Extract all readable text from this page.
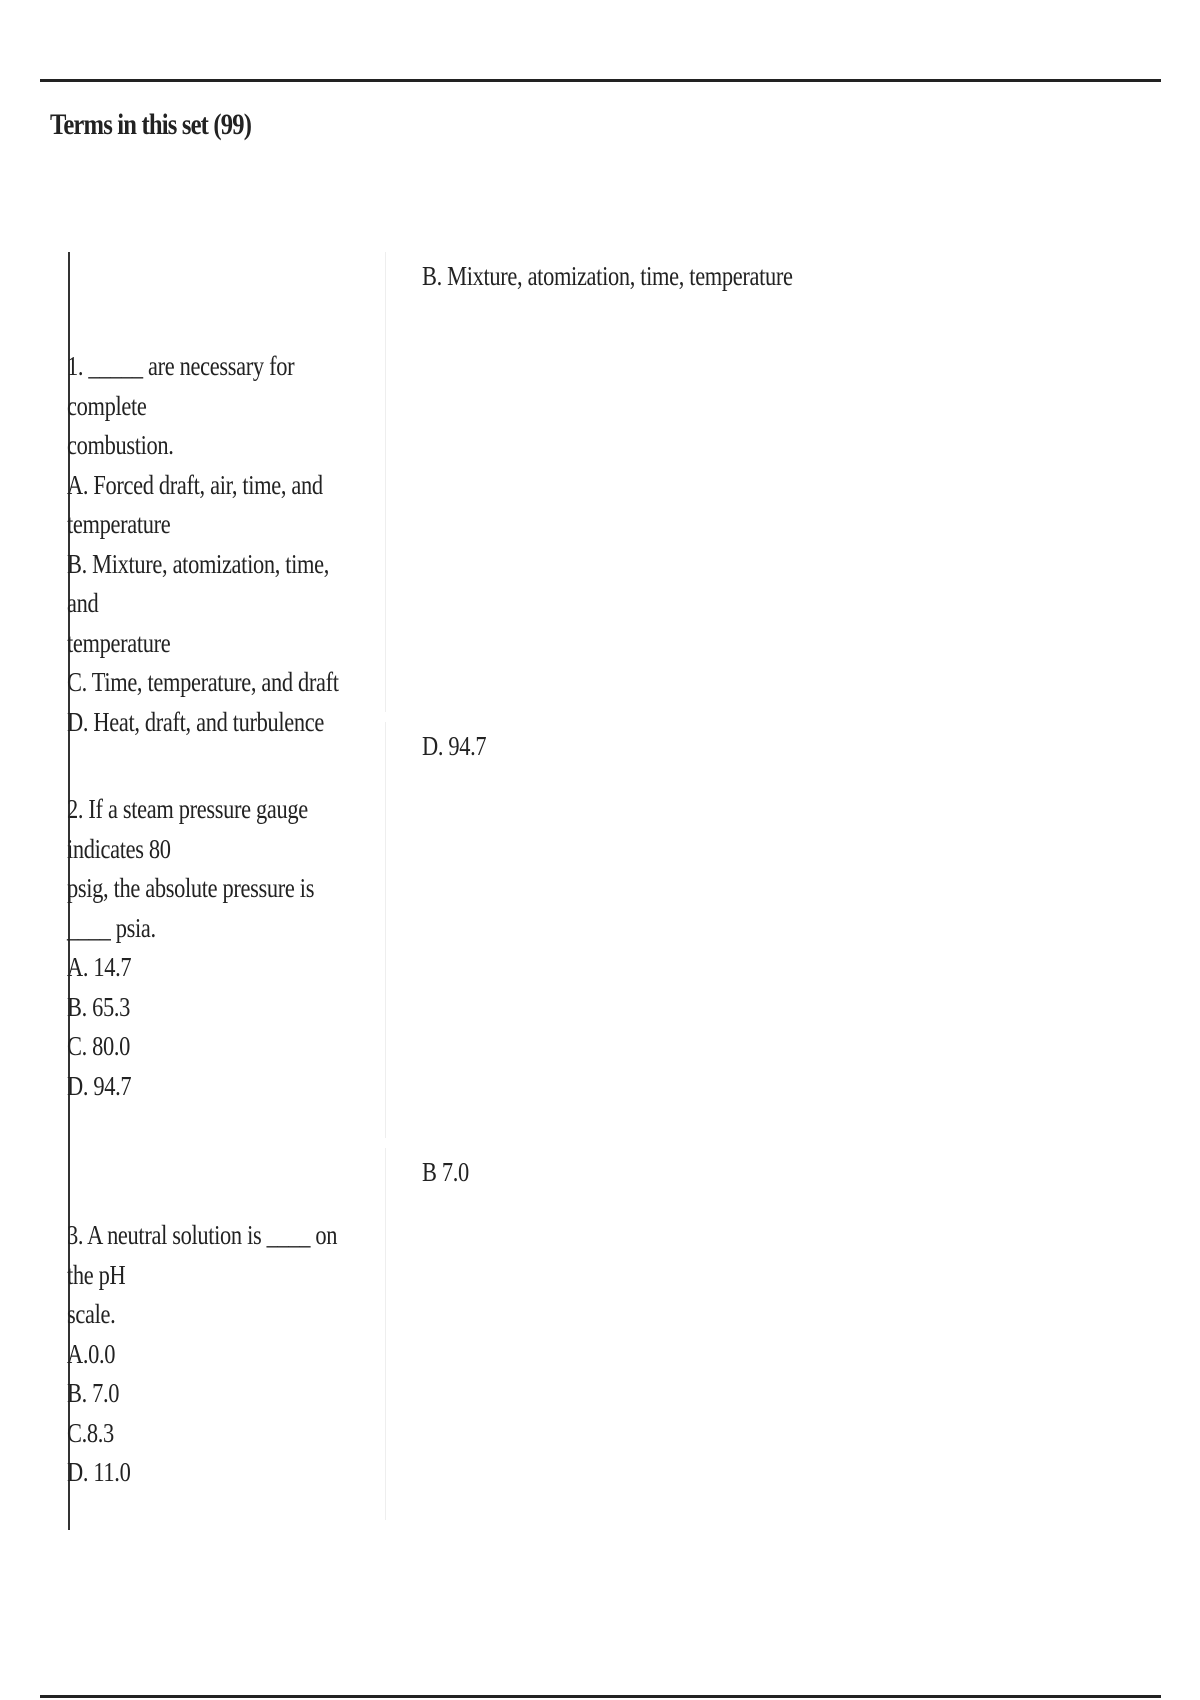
Terms in this set (99)
1. _____ are necessary for complete
combustion.
A. Forced draft, air, time, and temperature
B. Mixture, atomization, time, and
temperature
C. Time, temperature, and draft
D. Heat, draft, and turbulence
B. Mixture, atomization, time, temperature
2. If a steam pressure gauge indicates 80
psig, the absolute pressure is ____ psia.
A. 14.7
B. 65.3
C. 80.0
D. 94.7
D. 94.7
3. A neutral solution is ____ on the pH
scale.
A.0.0
B. 7.0
C.8.3
D. 11.0
B 7.0
